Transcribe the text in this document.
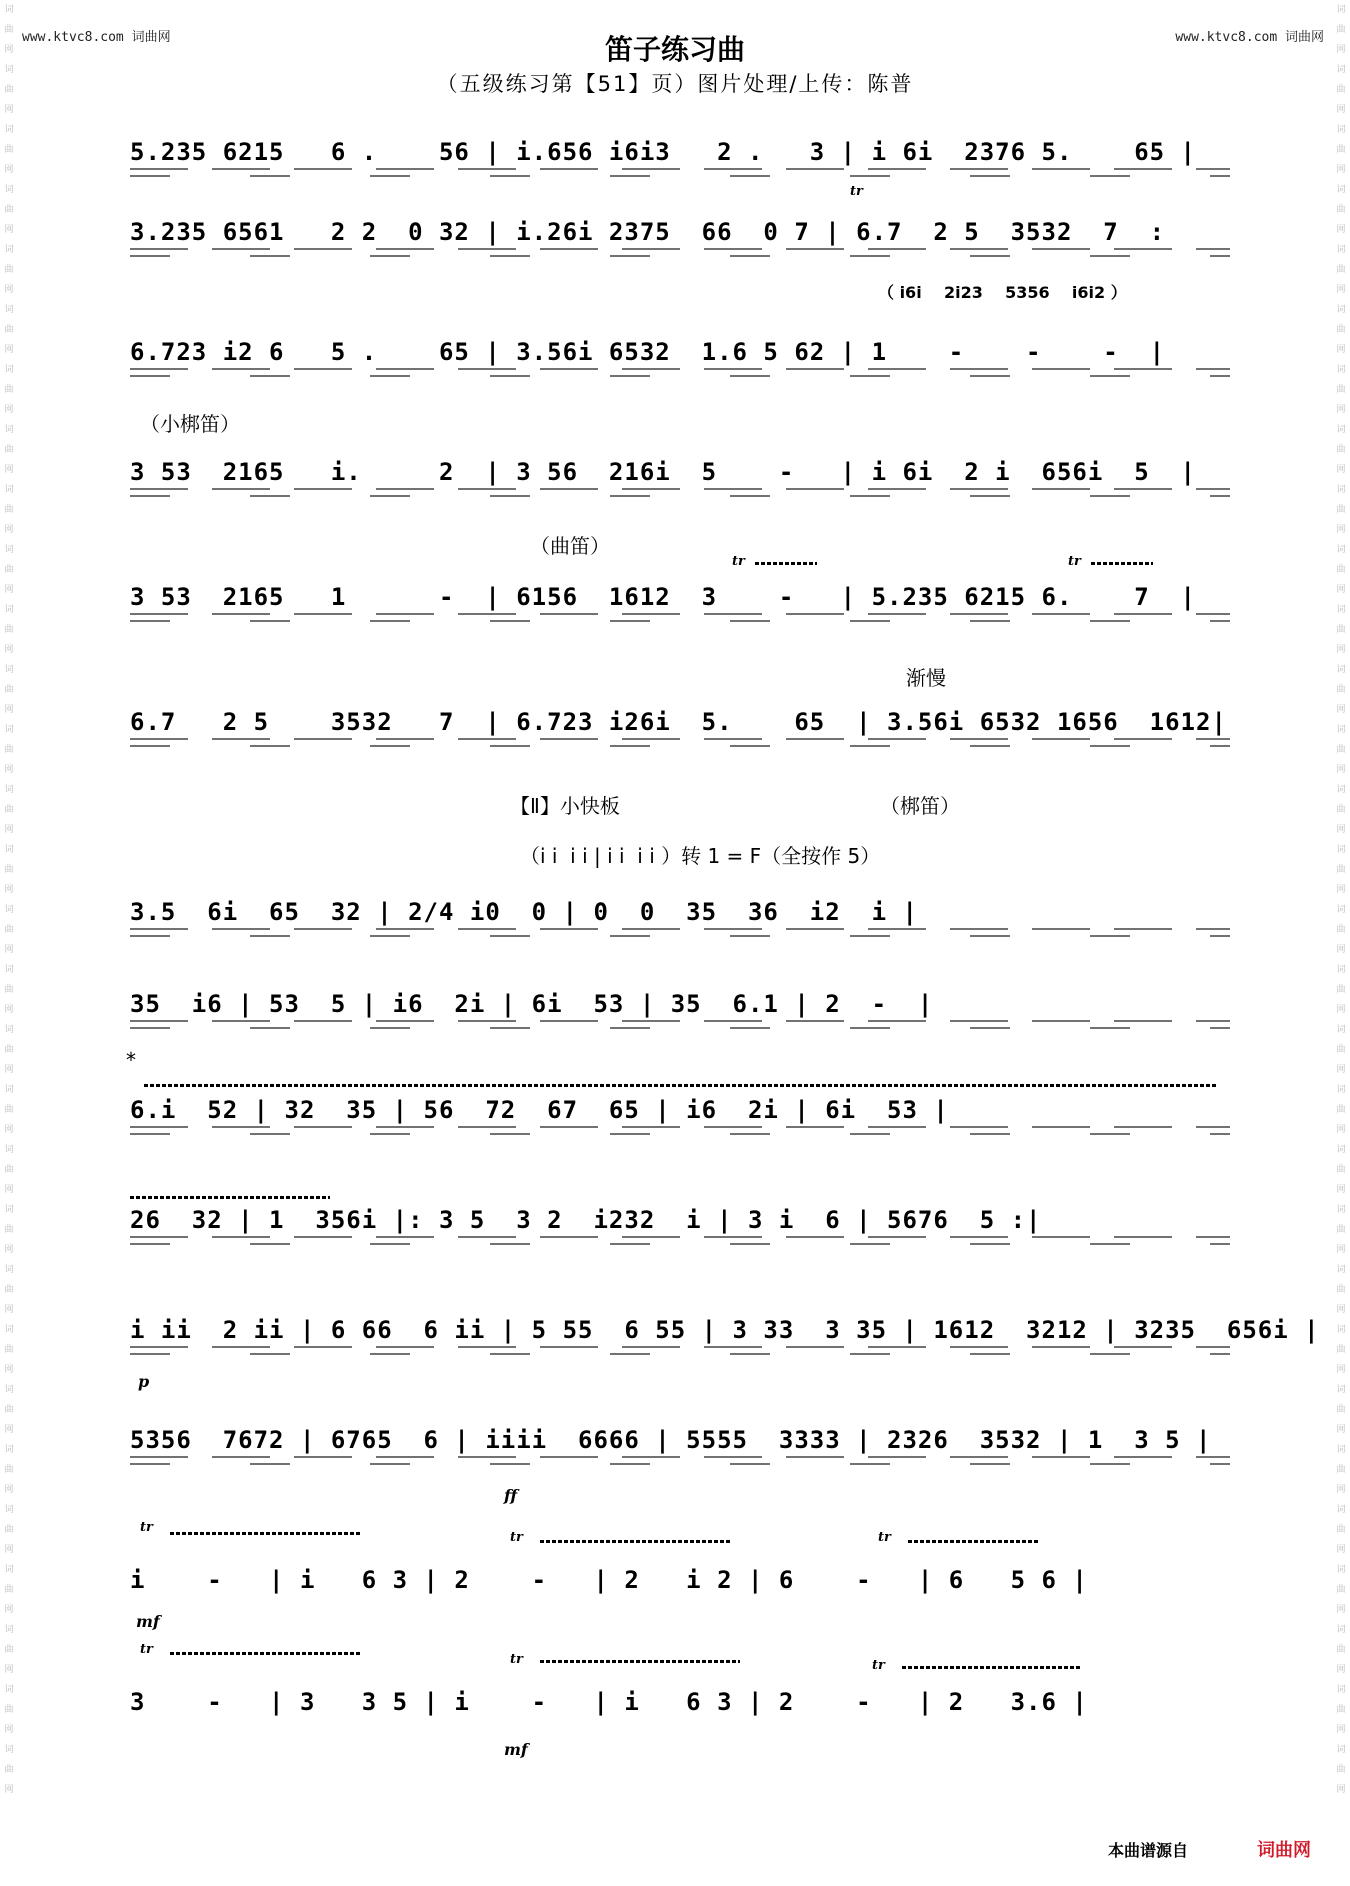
词曲网词曲网词曲网词曲网词曲网词曲网词曲网词曲网词曲网词曲网词曲网词曲网词曲网词曲网词曲网词曲网词曲网词曲网词曲网词曲网词曲网词曲网词曲网词曲网词曲网词曲网词曲网词曲网词曲网词曲网
词曲网词曲网词曲网词曲网词曲网词曲网词曲网词曲网词曲网词曲网词曲网词曲网词曲网词曲网词曲网词曲网词曲网词曲网词曲网词曲网词曲网词曲网词曲网词曲网词曲网词曲网词曲网词曲网词曲网词曲网
www.ktvc8.com 词曲网	www.ktvc8.com 词曲网
笛子练习曲
（五级练习第【51】页）图片处理/上传：陈普
5.235 6215   6 .    56 | i.656 i6i3   2 .   3 | i 6i  2376 5.    65 |
tr
3.235 6561   2 2  0 32 | i.26i 2375  66  0 7 | 6.7  2 5  3532  7  :
（ i6i    2i23    5356    i6i2 ）
6.723 i2 6   5 .    65 | 3.56i 6532  1.6 5 62 | 1    -    -    -  |
（小梆笛）
3 53  2165   i.     2  | 3 56  216i  5    -   | i 6i  2 i  656i  5  |
（曲笛）
tr	tr
3 53  2165   1      -  | 6156  1612  3    -   | 5.235 6215 6.    7  |
渐慢
6.7   2 5    3532   7  | 6.723 i26i  5.    65  | 3.56i 6532 1656  1612|
【Ⅱ】小快板	（梆笛）
（i i  i i | i i  i i ）转 1 = F（全按作 5）
3.5  6i  65  32 | 2/4 i0  0 | 0  0  35  36  i2  i |
35  i6 | 53  5 | i6  2i | 6i  53 | 35  6.1 | 2  -  |
*
6.i  52 | 32  35 | 56  72  67  65 | i6  2i | 6i  53 |
26  32 | 1  356i |: 3 5  3 2  i232  i | 3 i  6 | 5676  5 :|
i ii  2 ii | 6 66  6 ii | 5 55  6 55 | 3 33  3 35 | 1612  3212 | 3235  656i |
p
5356  7672 | 6765  6 | iiii  6666 | 5555  3333 | 2326  3532 | 1  3 5 |
ff
tr
tr	tr
i    -   | i   6 3 | 2    -   | 2   i 2 | 6    -   | 6   5 6 |
mf
tr
tr	tr
3    -   | 3   3 5 | i    -   | i   6 3 | 2    -   | 2   3.6 |
mf
本曲谱源自	词曲网
